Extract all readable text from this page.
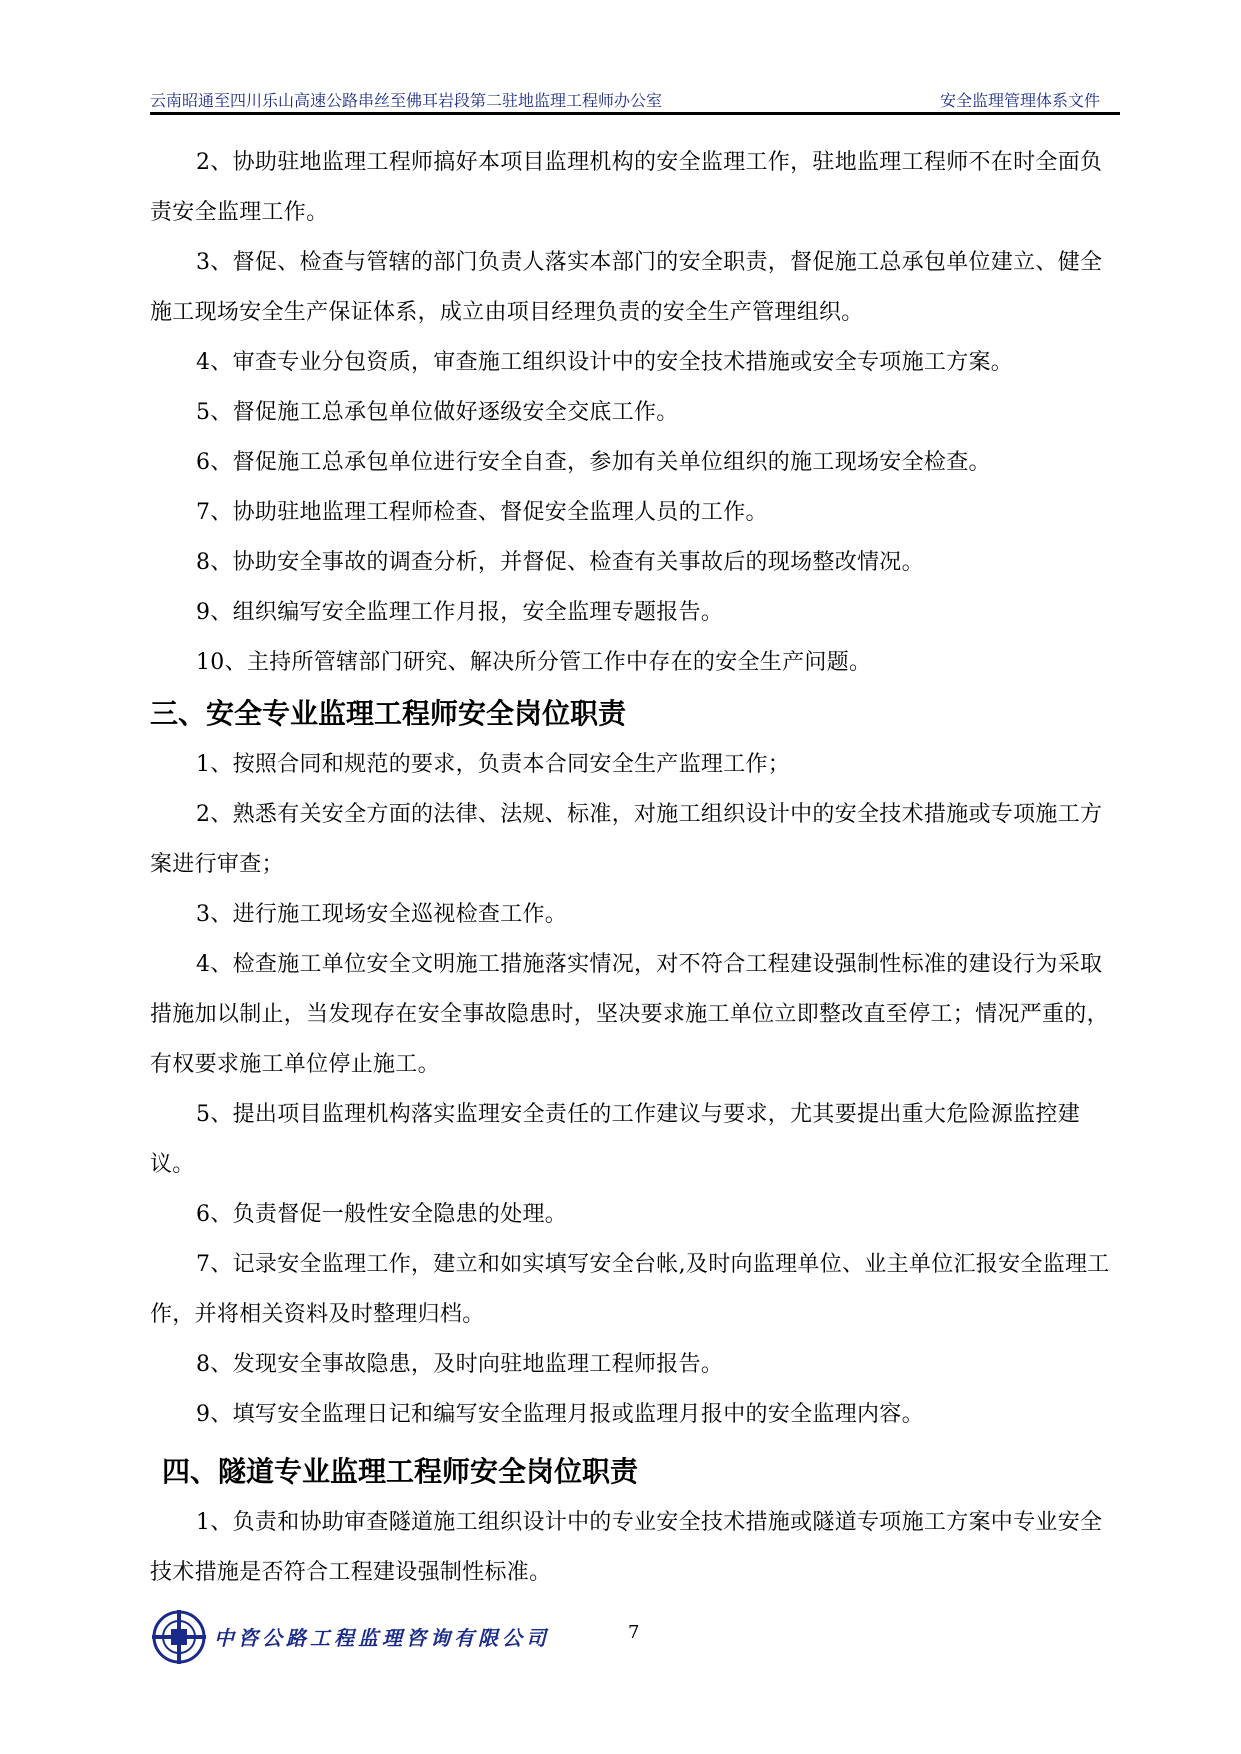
云南昭通至四川乐山高速公路串丝至佛耳岩段第二驻地监理工程师办公室	安全监理管理体系文件

2、协助驻地监理工程师搞好本项目监理机构的安全监理工作，驻地监理工程师不在时全面负责安全监理工作。

3、督促、检查与管辖的部门负责人落实本部门的安全职责，督促施工总承包单位建立、健全施工现场安全生产保证体系，成立由项目经理负责的安全生产管理组织。

4、审查专业分包资质，审查施工组织设计中的安全技术措施或安全专项施工方案。

5、督促施工总承包单位做好逐级安全交底工作。

6、督促施工总承包单位进行安全自查，参加有关单位组织的施工现场安全检查。

7、协助驻地监理工程师检查、督促安全监理人员的工作。

8、协助安全事故的调查分析，并督促、检查有关事故后的现场整改情况。

9、组织编写安全监理工作月报，安全监理专题报告。

10、主持所管辖部门研究、解决所分管工作中存在的安全生产问题。

三、安全专业监理工程师安全岗位职责

1、按照合同和规范的要求，负责本合同安全生产监理工作；

2、熟悉有关安全方面的法律、法规、标准，对施工组织设计中的安全技术措施或专项施工方案进行审查；

3、进行施工现场安全巡视检查工作。

4、检查施工单位安全文明施工措施落实情况，对不符合工程建设强制性标准的建设行为采取措施加以制止，当发现存在安全事故隐患时，坚决要求施工单位立即整改直至停工；情况严重的，有权要求施工单位停止施工。

5、提出项目监理机构落实监理安全责任的工作建议与要求，尤其要提出重大危险源监控建议。

6、负责督促一般性安全隐患的处理。

7、记录安全监理工作，建立和如实填写安全台帐,及时向监理单位、业主单位汇报安全监理工作，并将相关资料及时整理归档。

8、发现安全事故隐患，及时向驻地监理工程师报告。

9、填写安全监理日记和编写安全监理月报或监理月报中的安全监理内容。

四、隧道专业监理工程师安全岗位职责

1、负责和协助审查隧道施工组织设计中的专业安全技术措施或隧道专项施工方案中专业安全技术措施是否符合工程建设强制性标准。

中咨公路工程监理咨询有限公司	7
